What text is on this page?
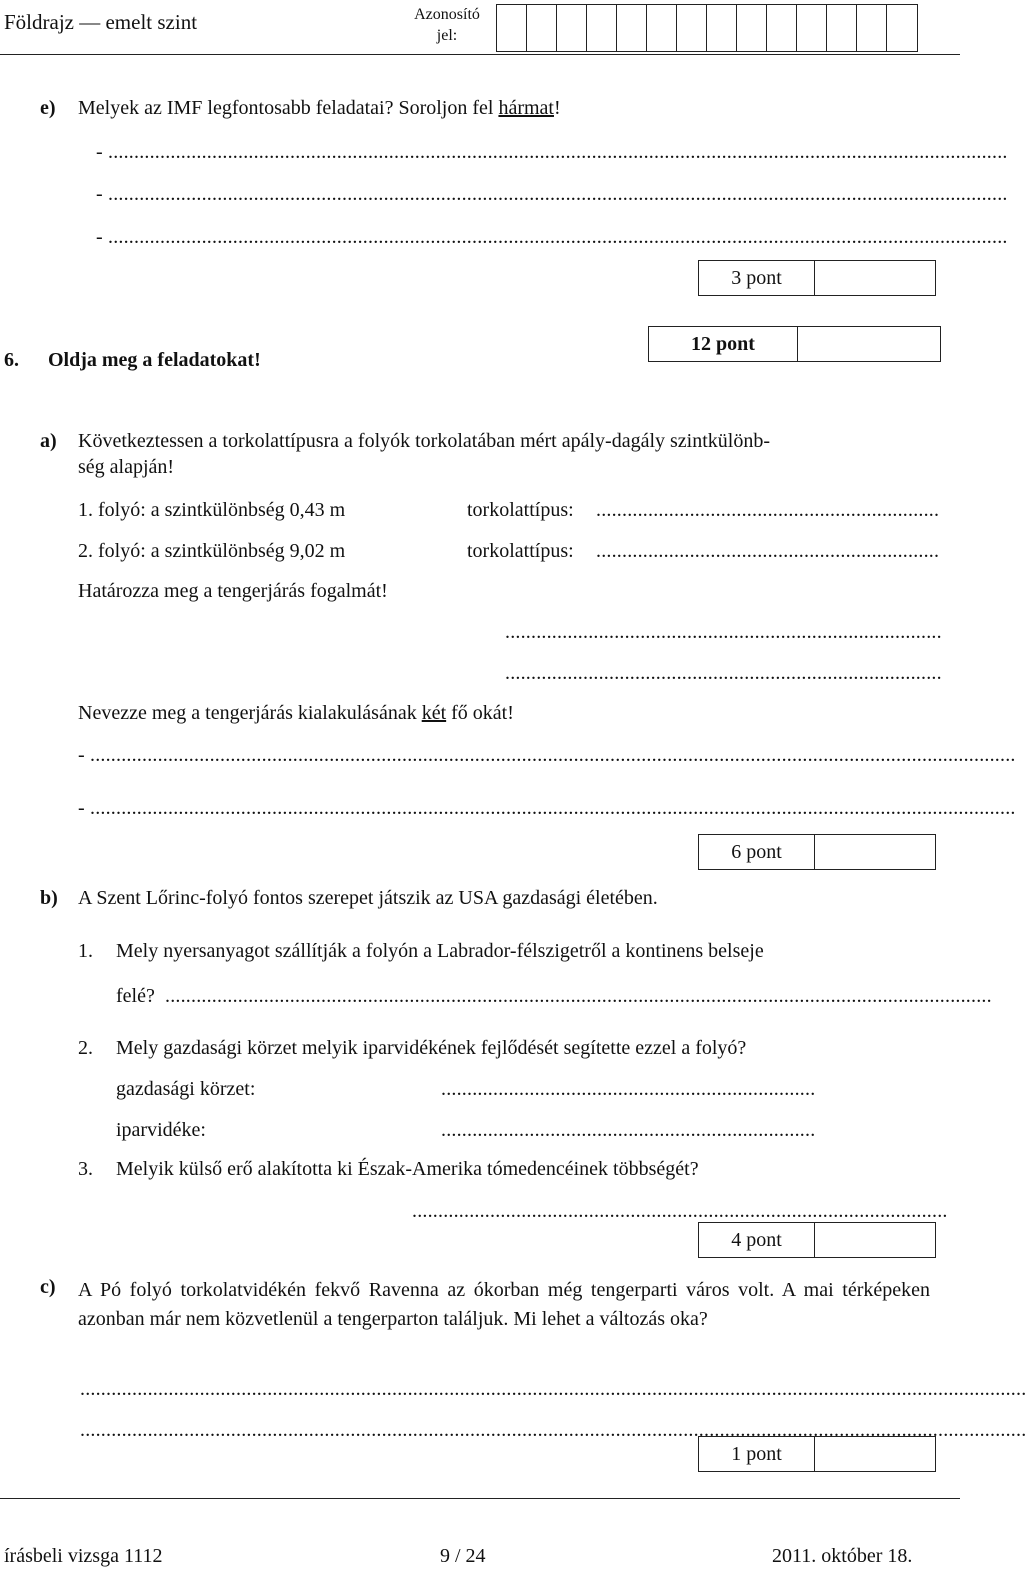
Földrajz — emelt szint	Azonosító
jel:
e) Melyek az IMF legfontosabb feladatai? Soroljon fel hármat!
- .............................................................................................................................................................................
- .............................................................................................................................................................................
- .............................................................................................................................................................................
3 pont
12 pont
6. Oldja meg a feladatokat!
a) Következtessen a torkolattípusra a folyók torkolatában mért apály-dagály szintkülönb-
ség alapján!
1. folyó: a szintkülönbség 0,43 m	torkolattípus: ..................................................................
2. folyó: a szintkülönbség 9,02 m	torkolattípus: ..................................................................
Határozza meg a tengerjárás fogalmát!
....................................................................................
....................................................................................
Nevezze meg a tengerjárás kialakulásának két fő okát!
- ..................................................................................................................................................................................
- ..................................................................................................................................................................................
6 pont
b) A Szent Lőrinc-folyó fontos szerepet játszik az USA gazdasági életében.
1. Mely nyersanyagot szállítják a folyón a Labrador-félszigetről a kontinens belseje
felé? ...............................................................................................................................................................
2. Mely gazdasági körzet melyik iparvidékének fejlődését segítette ezzel a folyó?
gazdasági körzet:	........................................................................
iparvidéke:	........................................................................
3. Melyik külső erő alakította ki Észak-Amerika tómedencéinek többségét?
.......................................................................................................
4 pont
c) A Pó folyó torkolatvidékén fekvő Ravenna az ókorban még tengerparti város volt. A mai térképeken azonban már nem közvetlenül a tengerparton találjuk. Mi lehet a változás oka?
......................................................................................................................................................................................
......................................................................................................................................................................................
1 pont
írásbeli vizsga 1112	9 / 24	2011. október 18.
